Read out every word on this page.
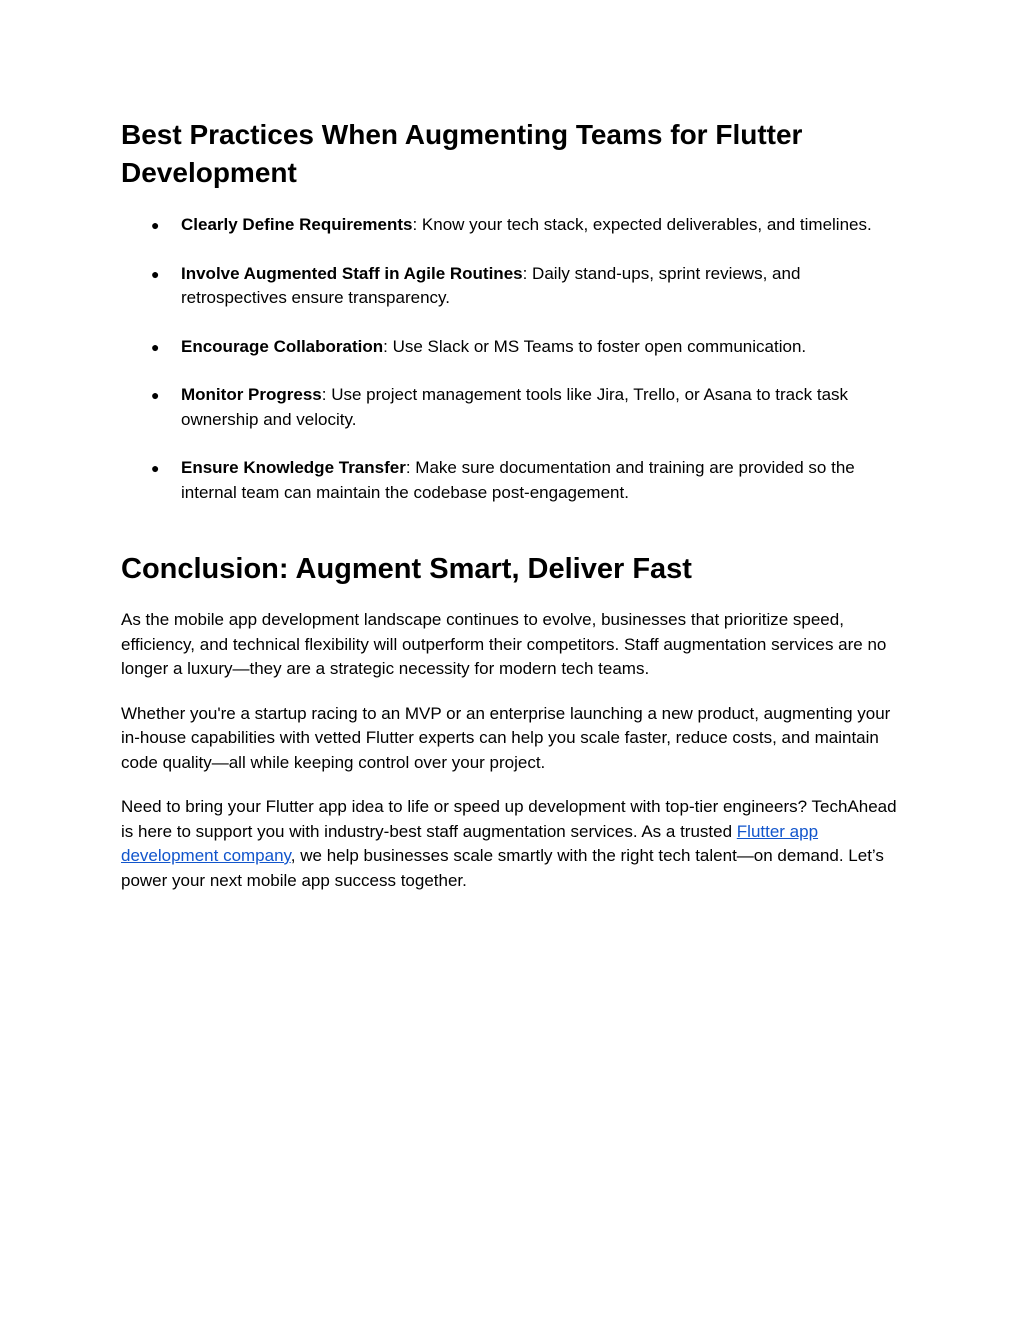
Best Practices When Augmenting Teams for Flutter Development
● Clearly Define Requirements: Know your tech stack, expected deliverables, and timelines.
● Involve Augmented Staff in Agile Routines: Daily stand-ups, sprint reviews, and retrospectives ensure transparency.
● Encourage Collaboration: Use Slack or MS Teams to foster open communication.
● Monitor Progress: Use project management tools like Jira, Trello, or Asana to track task ownership and velocity.
● Ensure Knowledge Transfer: Make sure documentation and training are provided so the internal team can maintain the codebase post-engagement.
Conclusion: Augment Smart, Deliver Fast

As the mobile app development landscape continues to evolve, businesses that prioritize speed, efficiency, and technical flexibility will outperform their competitors. Staff augmentation services are no longer a luxury—they are a strategic necessity for modern tech teams.

Whether you're a startup racing to an MVP or an enterprise launching a new product, augmenting your in-house capabilities with vetted Flutter experts can help you scale faster, reduce costs, and maintain code quality—all while keeping control over your project.

Need to bring your Flutter app idea to life or speed up development with top-tier engineers? TechAhead is here to support you with industry-best staff augmentation services. As a trusted Flutter app development company, we help businesses scale smartly with the right tech talent—on demand. Let’s power your next mobile app success together.
